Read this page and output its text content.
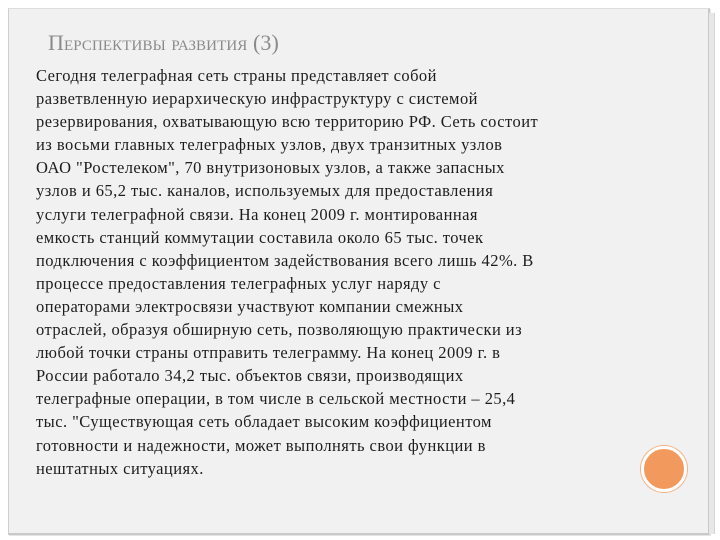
Перспективы развития (3)
Сегодня телеграфная сеть страны представляет собой
разветвленную иерархическую инфраструктуру с системой
резервирования, охватывающую всю территорию РФ. Сеть состоит
из восьми главных телеграфных узлов, двух транзитных узлов
ОАО "Ростелеком", 70 внутризоновых узлов, а также запасных
узлов и 65,2 тыс. каналов, используемых для предоставления
услуги телеграфной связи. На конец 2009 г. монтированная
емкость станций коммутации составила около 65 тыс. точек
подключения с коэффициентом задействования всего лишь 42%. В
процессе предоставления телеграфных услуг наряду с
операторами электросвязи участвуют компании смежных
отраслей, образуя обширную сеть, позволяющую практически из
любой точки страны отправить телеграмму. На конец 2009 г. в
России работало 34,2 тыс. объектов связи, производящих
телеграфные операции, в том числе в сельской местности – 25,4
тыс. "Существующая сеть обладает высоким коэффициентом
готовности и надежности, может выполнять свои функции в
нештатных ситуациях.
